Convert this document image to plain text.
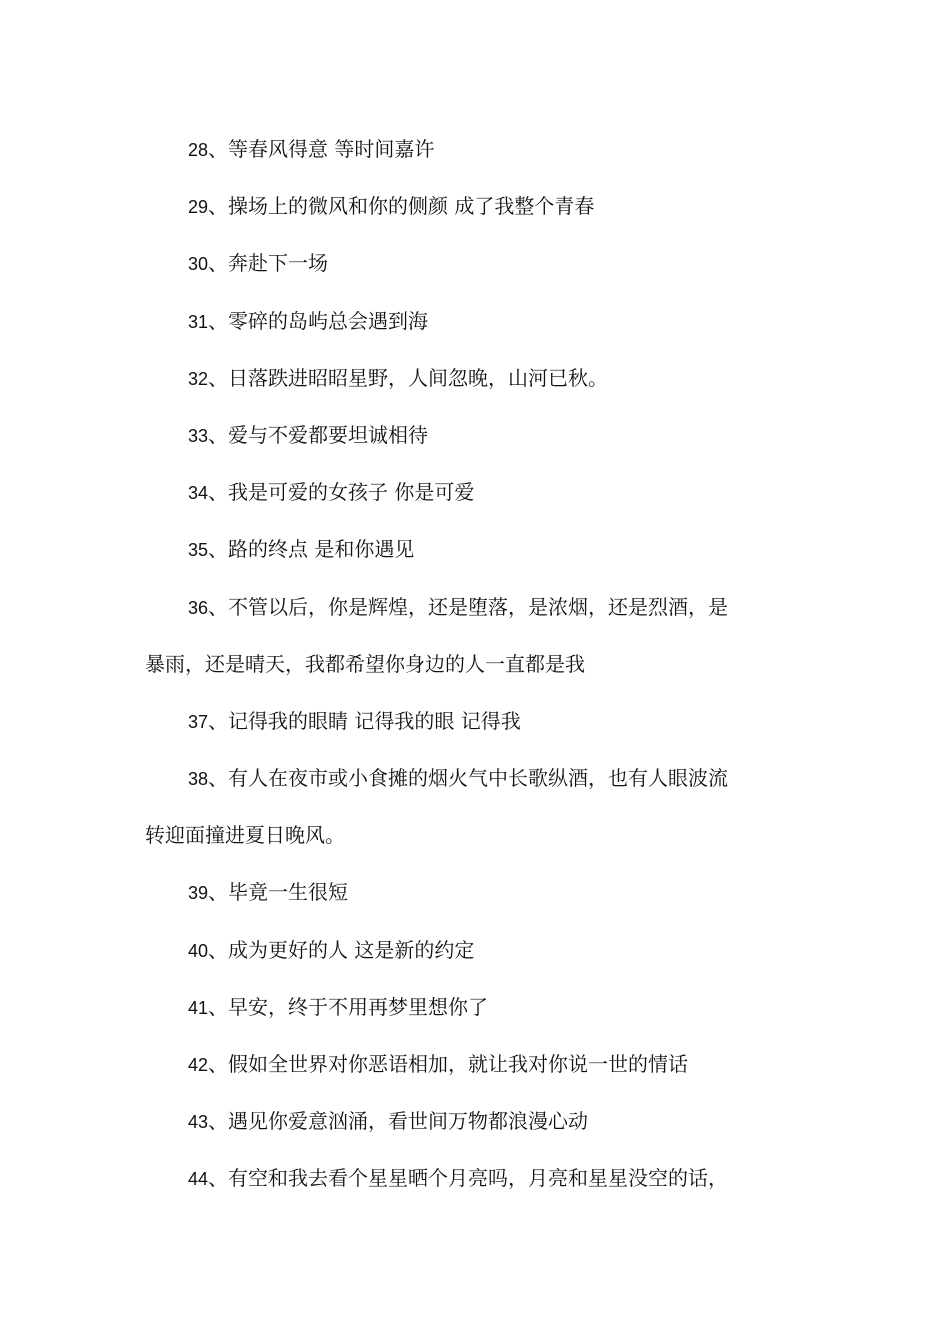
28、等春风得意 等时间嘉许
29、操场上的微风和你的侧颜 成了我整个青春
30、奔赴下一场
31、零碎的岛屿总会遇到海
32、日落跌进昭昭星野，人间忽晚，山河已秋。
33、爱与不爱都要坦诚相待
34、我是可爱的女孩子 你是可爱
35、路的终点 是和你遇见
36、不管以后，你是辉煌，还是堕落，是浓烟，还是烈酒，是
暴雨，还是晴天，我都希望你身边的人一直都是我
37、记得我的眼睛 记得我的眼 记得我
38、有人在夜市或小食摊的烟火气中长歌纵酒，也有人眼波流
转迎面撞进夏日晚风。
39、毕竟一生很短
40、成为更好的人 这是新的约定
41、早安，终于不用再梦里想你了
42、假如全世界对你恶语相加，就让我对你说一世的情话
43、遇见你爱意汹涌，看世间万物都浪漫心动
44、有空和我去看个星星晒个月亮吗，月亮和星星没空的话，
